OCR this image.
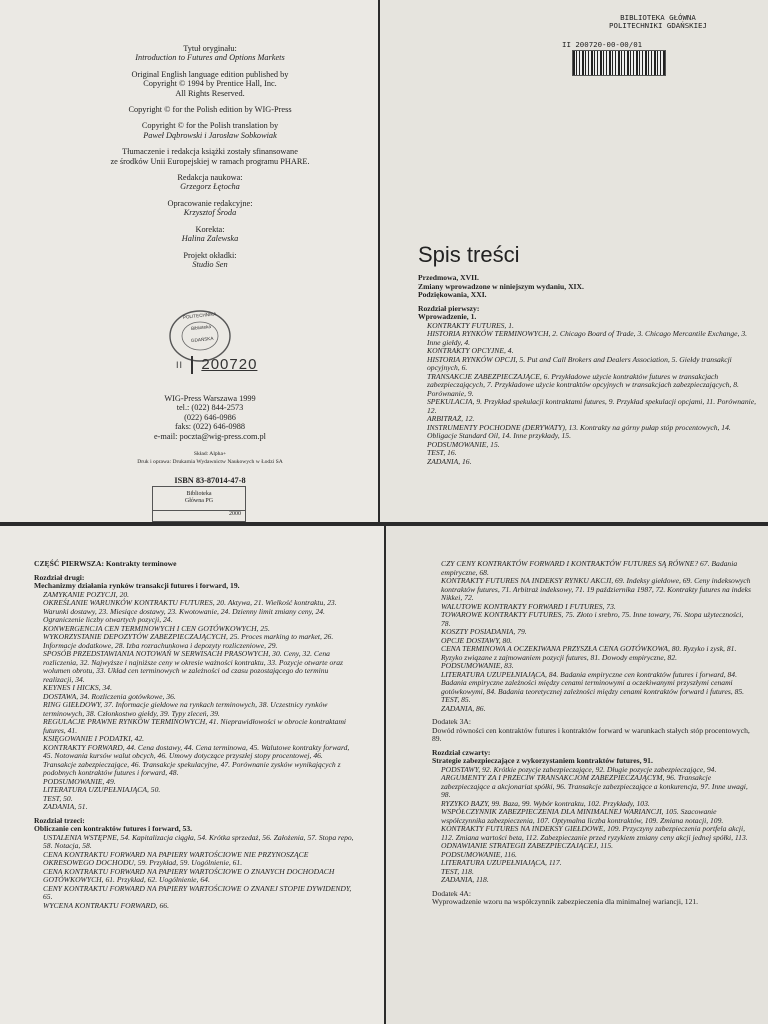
Tytuł oryginału:
Introduction to Futures and Options Markets
Original English language edition published by
Copyright © 1994 by Prentice Hall, Inc.
All Rights Reserved.
Copyright © for the Polish edition by WIG-Press
Copyright © for the Polish translation by
Paweł Dąbrowski i Jarosław Sobkowiak
Tłumaczenie i redakcja książki zostały sfinansowane
ze środków Unii Europejskiej w ramach programu PHARE.
Redakcja naukowa:
Grzegorz Łętocha
Opracowanie redakcyjne:
Krzysztof Środa
Korekta:
Halina Zalewska
Projekt okładki:
Studio Sen
POLITECHNIKA
Biblioteka
GDAŃSKA
II 200720
WIG-Press Warszawa 1999
tel.: (022) 844-2573
(022) 646-0986
faks: (022) 646-0988
e-mail: poczta@wig-press.com.pl
Skład: Alpha+
Druk i oprawa: Drukarnia Wydawnictw Naukowych w Łodzi SA
ISBN 83-87014-47-8
Biblioteka
Główna PG
2000
BIBLIOTEKA GŁÓWNA
POLITECHNIKI GDAŃSKIEJ
II 200720-00-00/01
Spis treści
Przedmowa, XVII.
Zmiany wprowadzone w niniejszym wydaniu, XIX.
Podziękowania, XXI.
Rozdział pierwszy:
Wprowadzenie, 1.
KONTRAKTY FUTURES, 1.
HISTORIA RYNKÓW TERMINOWYCH, 2. Chicago Board of Trade, 3. Chicago Mercantile Exchange, 3. Inne giełdy, 4.
KONTRAKTY OPCYJNE, 4.
HISTORIA RYNKÓW OPCJI, 5. Put and Call Brokers and Dealers Association, 5. Giełdy transakcji opcyjnych, 6.
TRANSAKCJE ZABEZPIECZAJĄCE, 6. Przykładowe użycie kontraktów futures w transakcjach zabezpieczających, 7. Przykładowe użycie kontraktów opcyjnych w transakcjach zabezpieczających, 8. Porównanie, 9.
SPEKULACJA, 9. Przykład spekulacji kontraktami futures, 9. Przykład spekulacji opcjami, 11. Porównanie, 12.
ARBITRAŻ, 12.
INSTRUMENTY POCHODNE (DERYWATY), 13. Kontrakty na górny pułap stóp procentowych, 14. Obligacje Standard Oil, 14. Inne przykłady, 15.
PODSUMOWANIE, 15.
TEST, 16.
ZADANIA, 16.
CZĘŚĆ PIERWSZA: Kontrakty terminowe
Rozdział drugi:
Mechanizmy działania rynków transakcji futures i forward, 19.
ZAMYKANIE POZYCJI, 20.
OKREŚLANIE WARUNKÓW KONTRAKTU FUTURES, 20. Aktywa, 21. Wielkość kontraktu, 23. Warunki dostawy, 23. Miesiące dostawy, 23. Kwotowanie, 24. Dzienny limit zmiany ceny, 24. Ograniczenie liczby otwartych pozycji, 24.
KONWERGENCJA CEN TERMINOWYCH I CEN GOTÓWKOWYCH, 25.
WYKORZYSTANIE DEPOZYTÓW ZABEZPIECZAJĄCYCH, 25. Proces marking to market, 26. Informacje dodatkowe, 28. Izba rozrachunkowa i depozyty rozliczeniowe, 29.
SPOSÓB PRZEDSTAWIANIA NOTOWAŃ W SERWISACH PRASOWYCH, 30. Ceny, 32. Cena rozliczenia, 32. Najwyższe i najniższe ceny w okresie ważności kontraktu, 33. Pozycje otwarte oraz wolumen obrotu, 33. Układ cen terminowych w zależności od czasu pozostającego do terminu realizacji, 34.
KEYNES I HICKS, 34.
DOSTAWA, 34. Rozliczenia gotówkowe, 36.
RING GIEŁDOWY, 37. Informacje giełdowe na rynkach terminowych, 38. Uczestnicy rynków terminowych, 38. Członkostwo giełdy, 39. Typy zleceń, 39.
REGULACJE PRAWNE RYNKÓW TERMINOWYCH, 41. Nieprawidłowości w obrocie kontraktami futures, 41.
KSIĘGOWANIE I PODATKI, 42.
KONTRAKTY FORWARD, 44. Cena dostawy, 44. Cena terminowa, 45. Walutowe kontrakty forward, 45. Notowania kursów walut obcych, 46. Umowy dotyczące przyszłej stopy procentowej, 46. Transakcje zabezpieczające, 46. Transakcje spekulacyjne, 47. Porównanie zysków wynikających z podobnych kontraktów futures i forward, 48.
PODSUMOWANIE, 49.
LITERATURA UZUPEŁNIAJĄCA, 50.
TEST, 50.
ZADANIA, 51.
Rozdział trzeci:
Obliczanie cen kontraktów futures i forward, 53.
USTALENIA WSTĘPNE, 54. Kapitalizacja ciągła, 54. Krótka sprzedaż, 56. Założenia, 57. Stopa repo, 58. Notacja, 58.
CENA KONTRAKTU FORWARD NA PAPIERY WARTOŚCIOWE NIE PRZYNOSZĄCE OKRESOWEGO DOCHODU, 59. Przykład, 59. Uogólnienie, 61.
CENA KONTRAKTU FORWARD NA PAPIERY WARTOŚCIOWE O ZNANYCH DOCHODACH GOTÓWKOWYCH, 61. Przykład, 62. Uogólnienie, 64.
CENY KONTRAKTU FORWARD NA PAPIERY WARTOŚCIOWE O ZNANEJ STOPIE DYWIDENDY, 65.
WYCENA KONTRAKTU FORWARD, 66.
CZY CENY KONTRAKTÓW FORWARD I KONTRAKTÓW FUTURES SĄ RÓWNE? 67. Badania empiryczne, 68.
KONTRAKTY FUTURES NA INDEKSY RYNKU AKCJI, 69. Indeksy giełdowe, 69. Ceny indeksowych kontraktów futures, 71. Arbitraż indeksowy, 71. 19 października 1987, 72. Kontrakty futures na indeks Nikkei, 72.
WALUTOWE KONTRAKTY FORWARD I FUTURES, 73.
TOWAROWE KONTRAKTY FUTURES, 75. Złoto i srebro, 75. Inne towary, 76. Stopa użyteczności, 78.
KOSZTY POSIADANIA, 79.
OPCJE DOSTAWY, 80.
CENA TERMINOWA A OCZEKIWANA PRZYSZŁA CENA GOTÓWKOWA, 80. Ryzyko i zysk, 81. Ryzyko związane z zajmowaniem pozycji futures, 81. Dowody empiryczne, 82.
PODSUMOWANIE, 83.
LITERATURA UZUPEŁNIAJĄCA, 84. Badania empiryczne cen kontraktów futures i forward, 84. Badania empiryczne zależności między cenami terminowymi a oczekiwanymi przyszłymi cenami gotówkowymi, 84. Badania teoretycznej zależności między cenami kontraktów forward i futures, 85.
TEST, 85.
ZADANIA, 86.
Dodatek 3A:
Dowód równości cen kontraktów futures i kontraktów forward w warunkach stałych stóp procentowych, 89.
Rozdział czwarty:
Strategie zabezpieczające z wykorzystaniem kontraktów futures, 91.
PODSTAWY, 92. Krótkie pozycje zabezpieczające, 92. Długie pozycje zabezpieczające, 94.
ARGUMENTY ZA I PRZECIW TRANSAKCJOM ZABEZPIECZAJĄCYM, 96. Transakcje zabezpieczające a akcjonariat spółki, 96. Transakcje zabezpieczające a konkurencja, 97. Inne uwagi, 98.
RYZYKO BAZY, 99. Baza, 99. Wybór kontraktu, 102. Przykłady, 103.
WSPÓŁCZYNNIK ZABEZPIECZENIA DLA MINIMALNEJ WARIANCJI, 105. Szacowanie współczynnika zabezpieczenia, 107. Optymalna liczba kontraktów, 109. Zmiana notacji, 109.
KONTRAKTY FUTURES NA INDEKSY GIEŁDOWE, 109. Przyczyny zabezpieczenia portfela akcji, 112. Zmiana wartości beta, 112. Zabezpieczanie przed ryzykiem zmiany ceny akcji jednej spółki, 113.
ODNAWIANIE STRATEGII ZABEZPIECZAJĄCEJ, 115.
PODSUMOWANIE, 116.
LITERATURA UZUPEŁNIAJĄCA, 117.
TEST, 118.
ZADANIA, 118.
Dodatek 4A:
Wyprowadzenie wzoru na współczynnik zabezpieczenia dla minimalnej wariancji, 121.
